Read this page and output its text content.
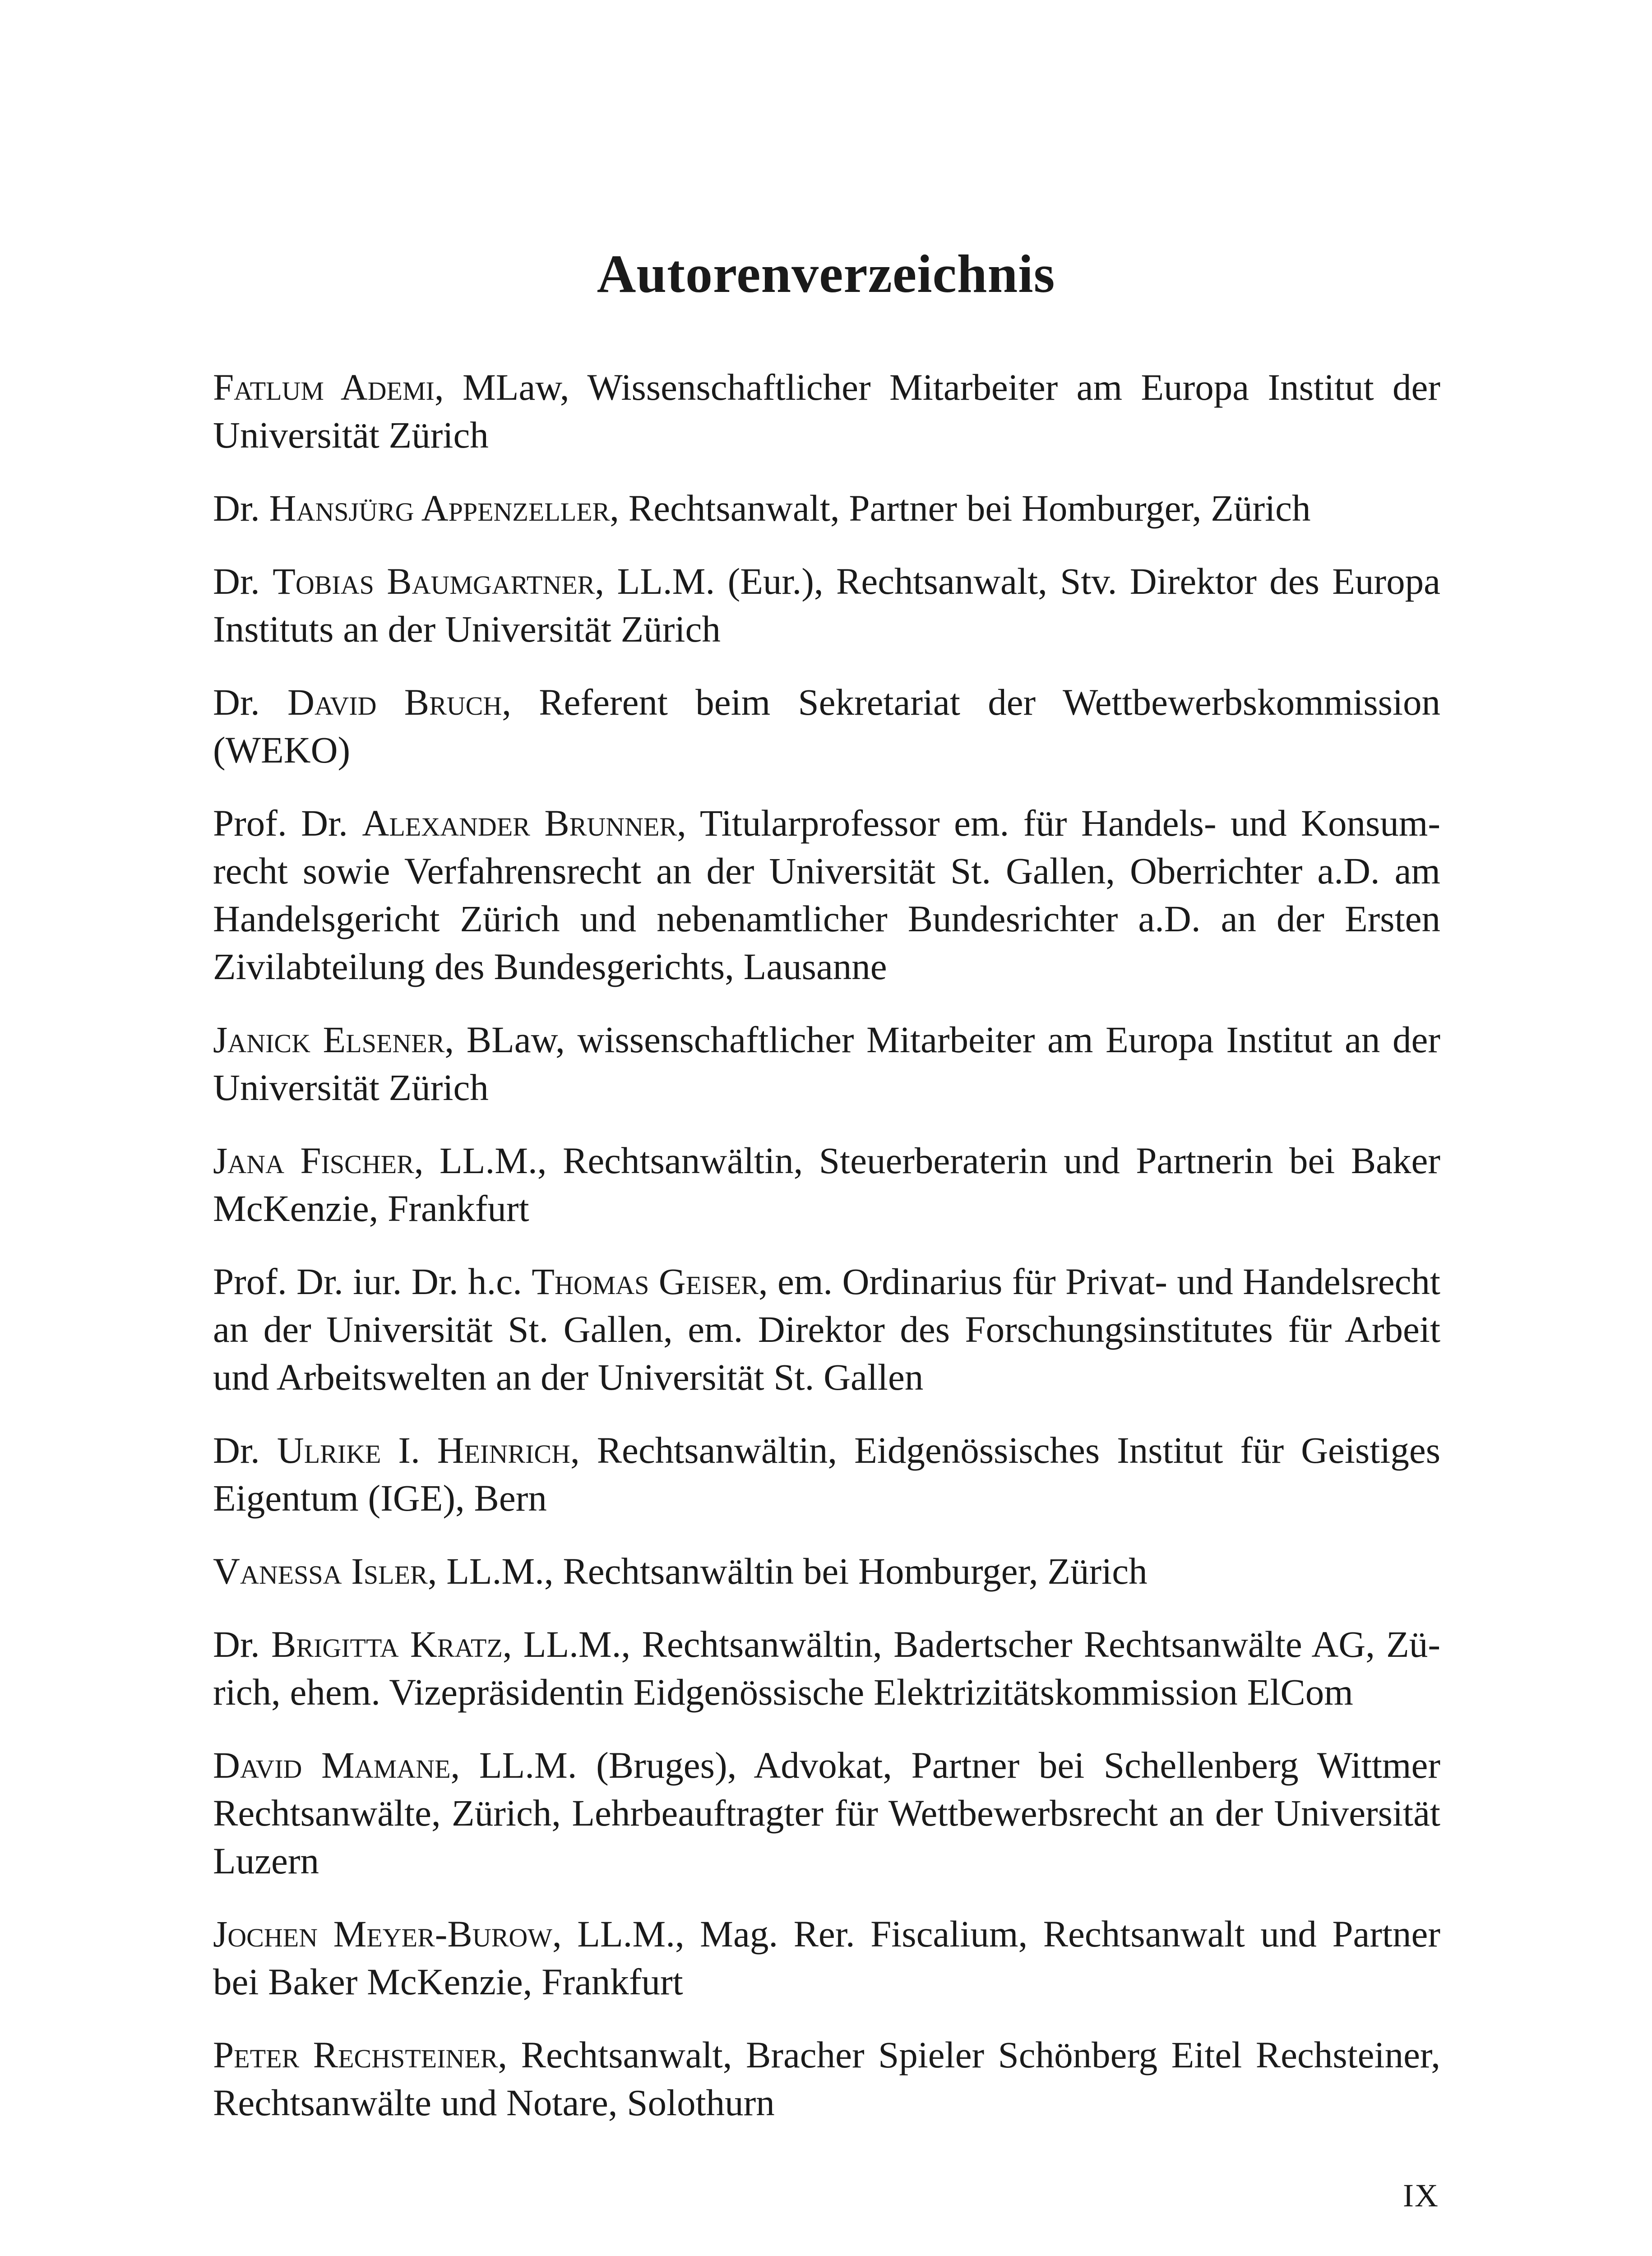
Autorenverzeichnis

Fatlum Ademi, MLaw, Wissenschaftlicher Mitarbeiter am Europa Institut der Universität Zürich

Dr. Hansjürg Appenzeller, Rechtsanwalt, Partner bei Homburger, Zürich

Dr. Tobias Baumgartner, LL.M. (Eur.), Rechtsanwalt, Stv. Direktor des Europa Instituts an der Universität Zürich

Dr. David Bruch, Referent beim Sekretariat der Wettbewerbskommission (WEKO)

Prof. Dr. Alexander Brunner, Titularprofessor em. für Handels- und Konsumrecht sowie Verfahrensrecht an der Universität St. Gallen, Oberrichter a.D. am Handelsgericht Zürich und nebenamtlicher Bundesrichter a.D. an der Ersten Zivilabteilung des Bundesgerichts, Lausanne

Janick Elsener, BLaw, wissenschaftlicher Mitarbeiter am Europa Institut an der Universität Zürich

Jana Fischer, LL.M., Rechtsanwältin, Steuerberaterin und Partnerin bei Baker McKenzie, Frankfurt

Prof. Dr. iur. Dr. h.c. Thomas Geiser, em. Ordinarius für Privat- und Handelsrecht an der Universität St. Gallen, em. Direktor des Forschungsinstitutes für Arbeit und Arbeitswelten an der Universität St. Gallen

Dr. Ulrike I. Heinrich, Rechtsanwältin, Eidgenössisches Institut für Geistiges Eigentum (IGE), Bern

Vanessa Isler, LL.M., Rechtsanwältin bei Homburger, Zürich

Dr. Brigitta Kratz, LL.M., Rechtsanwältin, Badertscher Rechtsanwälte AG, Zürich, ehem. Vizepräsidentin Eidgenössische Elektrizitätskommission ElCom

David Mamane, LL.M. (Bruges), Advokat, Partner bei Schellenberg Wittmer Rechtsanwälte, Zürich, Lehrbeauftragter für Wettbewerbsrecht an der Universität Luzern

Jochen Meyer-Burow, LL.M., Mag. Rer. Fiscalium, Rechtsanwalt und Partner bei Baker McKenzie, Frankfurt

Peter Rechsteiner, Rechtsanwalt, Bracher Spieler Schönberg Eitel Rechsteiner, Rechtsanwälte und Notare, Solothurn

IX
